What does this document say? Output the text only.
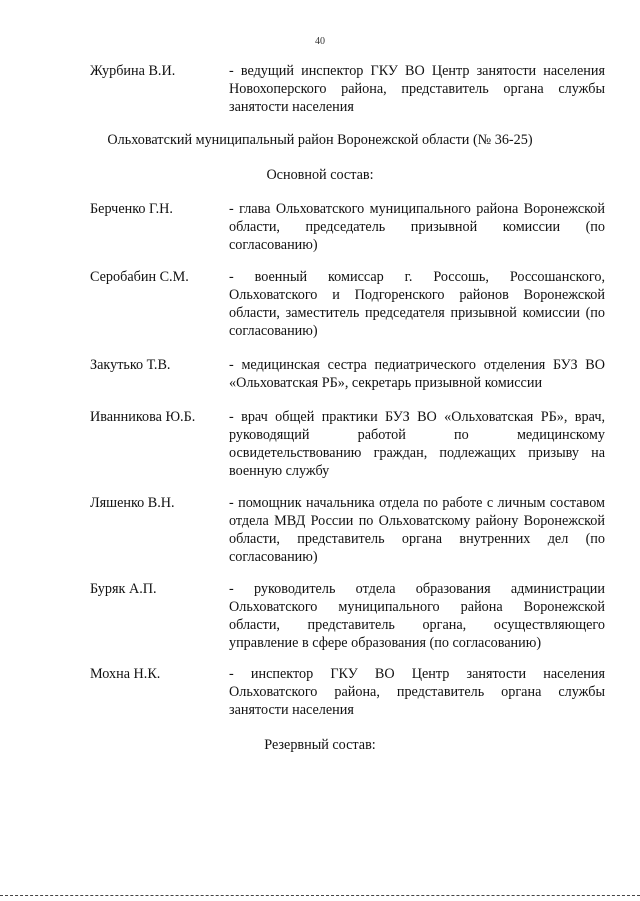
40
Журбина В.И.	- ведущий инспектор ГКУ ВО Центр занятости населения Новохоперского района, представитель органа службы занятости населения
Ольховатский муниципальный район Воронежской области (№ 36-25)
Основной состав:
Берченко Г.Н.	- глава Ольховатского муниципального района Воронежской области, председатель призывной комиссии (по согласованию)
Серобабин С.М.	- военный комиссар г. Россошь, Россошанского, Ольховатского и Подгоренского районов Воронежской области, заместитель председателя призывной комиссии (по согласованию)
Закутько Т.В.	- медицинская сестра педиатрического отделения БУЗ ВО «Ольховатская РБ», секретарь призывной комиссии
Иванникова Ю.Б. - врач общей практики БУЗ ВО «Ольховатская РБ», врач, руководящий работой по медицинскому освидетельствованию граждан, подлежащих призыву на военную службу
Ляшенко В.Н.	- помощник начальника отдела по работе с личным составом отдела МВД России по Ольховатскому району Воронежской области, представитель органа внутренних дел (по согласованию)
Буряк А.П.	- руководитель отдела образования администрации Ольховатского муниципального района Воронежской области, представитель органа, осуществляющего управление в сфере образования (по согласованию)
Мохна Н.К.	- инспектор ГКУ ВО Центр занятости населения Ольховатского района, представитель органа службы занятости населения
Резервный состав:
